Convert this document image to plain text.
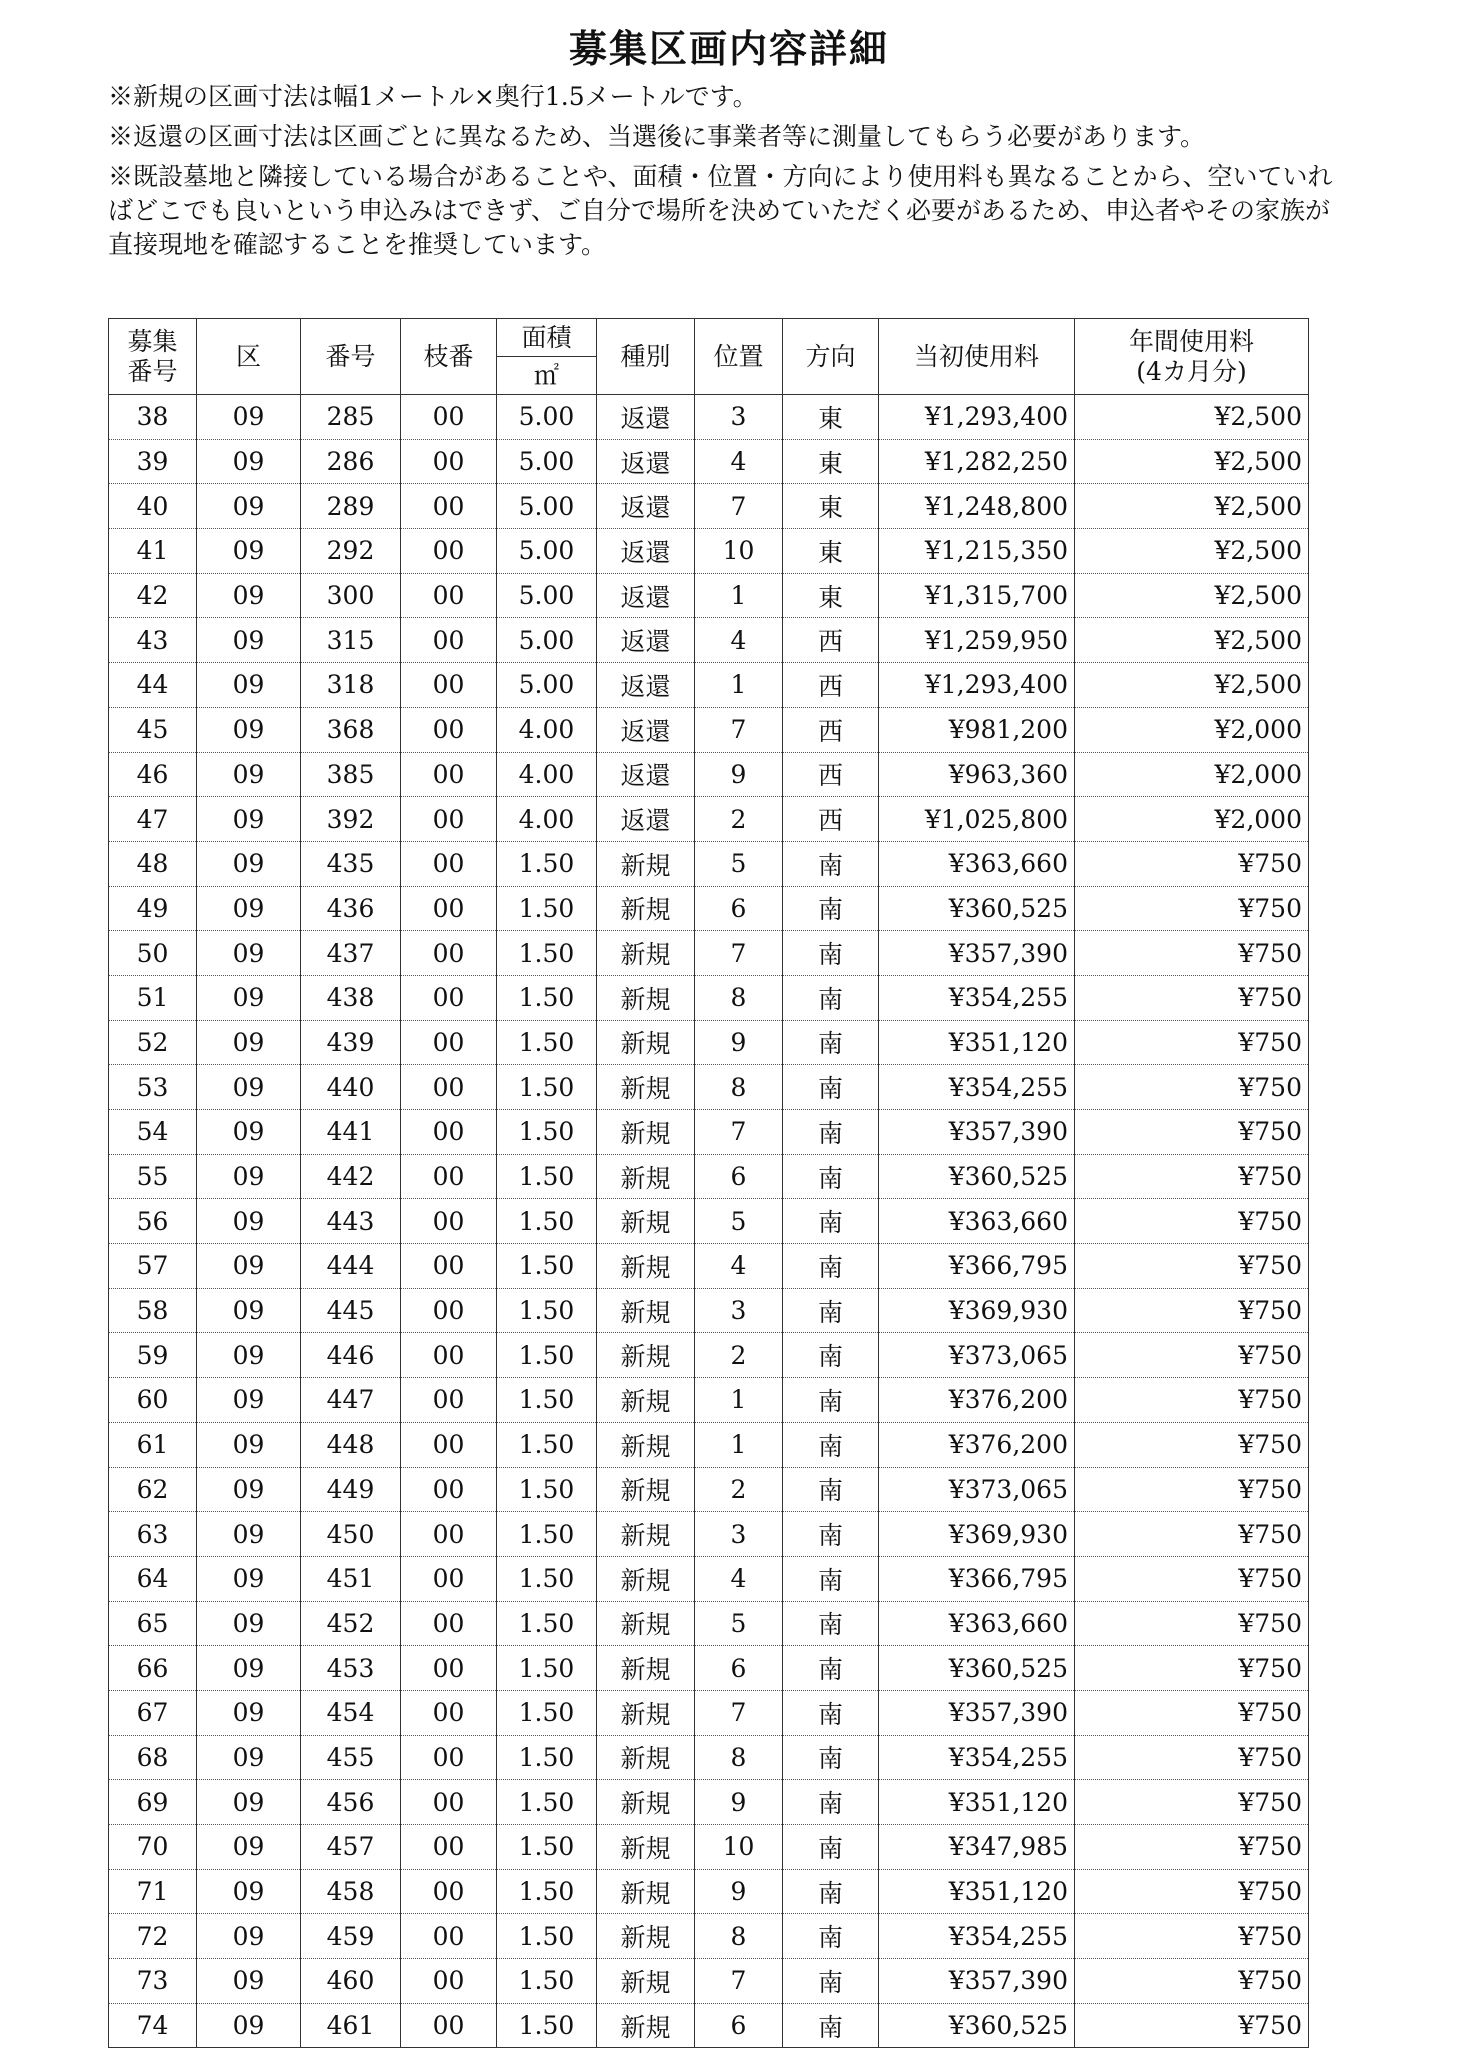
募集区画内容詳細

※新規の区画寸法は幅1メートル×奥行1.5メートルです。

※返還の区画寸法は区画ごとに異なるため、当選後に事業者等に測量してもらう必要があります。

※既設墓地と隣接している場合があることや、面積・位置・方向により使用料も異なることから、空いていればどこでも良いという申込みはできず、ご自分で場所を決めていただく必要があるため、申込者やその家族が直接現地を確認することを推奨しています。

募集
番号	区	番号	枝番	面積	種別	位置	方向	当初使用料	年間使用料
(4カ月分)
				㎡					
38	09	285	00	5.00	返還	3	東	¥1,293,400	¥2,500
39	09	286	00	5.00	返還	4	東	¥1,282,250	¥2,500
40	09	289	00	5.00	返還	7	東	¥1,248,800	¥2,500
41	09	292	00	5.00	返還	10	東	¥1,215,350	¥2,500
42	09	300	00	5.00	返還	1	東	¥1,315,700	¥2,500
43	09	315	00	5.00	返還	4	西	¥1,259,950	¥2,500
44	09	318	00	5.00	返還	1	西	¥1,293,400	¥2,500
45	09	368	00	4.00	返還	7	西	¥981,200	¥2,000
46	09	385	00	4.00	返還	9	西	¥963,360	¥2,000
47	09	392	00	4.00	返還	2	西	¥1,025,800	¥2,000
48	09	435	00	1.50	新規	5	南	¥363,660	¥750
49	09	436	00	1.50	新規	6	南	¥360,525	¥750
50	09	437	00	1.50	新規	7	南	¥357,390	¥750
51	09	438	00	1.50	新規	8	南	¥354,255	¥750
52	09	439	00	1.50	新規	9	南	¥351,120	¥750
53	09	440	00	1.50	新規	8	南	¥354,255	¥750
54	09	441	00	1.50	新規	7	南	¥357,390	¥750
55	09	442	00	1.50	新規	6	南	¥360,525	¥750
56	09	443	00	1.50	新規	5	南	¥363,660	¥750
57	09	444	00	1.50	新規	4	南	¥366,795	¥750
58	09	445	00	1.50	新規	3	南	¥369,930	¥750
59	09	446	00	1.50	新規	2	南	¥373,065	¥750
60	09	447	00	1.50	新規	1	南	¥376,200	¥750
61	09	448	00	1.50	新規	1	南	¥376,200	¥750
62	09	449	00	1.50	新規	2	南	¥373,065	¥750
63	09	450	00	1.50	新規	3	南	¥369,930	¥750
64	09	451	00	1.50	新規	4	南	¥366,795	¥750
65	09	452	00	1.50	新規	5	南	¥363,660	¥750
66	09	453	00	1.50	新規	6	南	¥360,525	¥750
67	09	454	00	1.50	新規	7	南	¥357,390	¥750
68	09	455	00	1.50	新規	8	南	¥354,255	¥750
69	09	456	00	1.50	新規	9	南	¥351,120	¥750
70	09	457	00	1.50	新規	10	南	¥347,985	¥750
71	09	458	00	1.50	新規	9	南	¥351,120	¥750
72	09	459	00	1.50	新規	8	南	¥354,255	¥750
73	09	460	00	1.50	新規	7	南	¥357,390	¥750
74	09	461	00	1.50	新規	6	南	¥360,525	¥750
